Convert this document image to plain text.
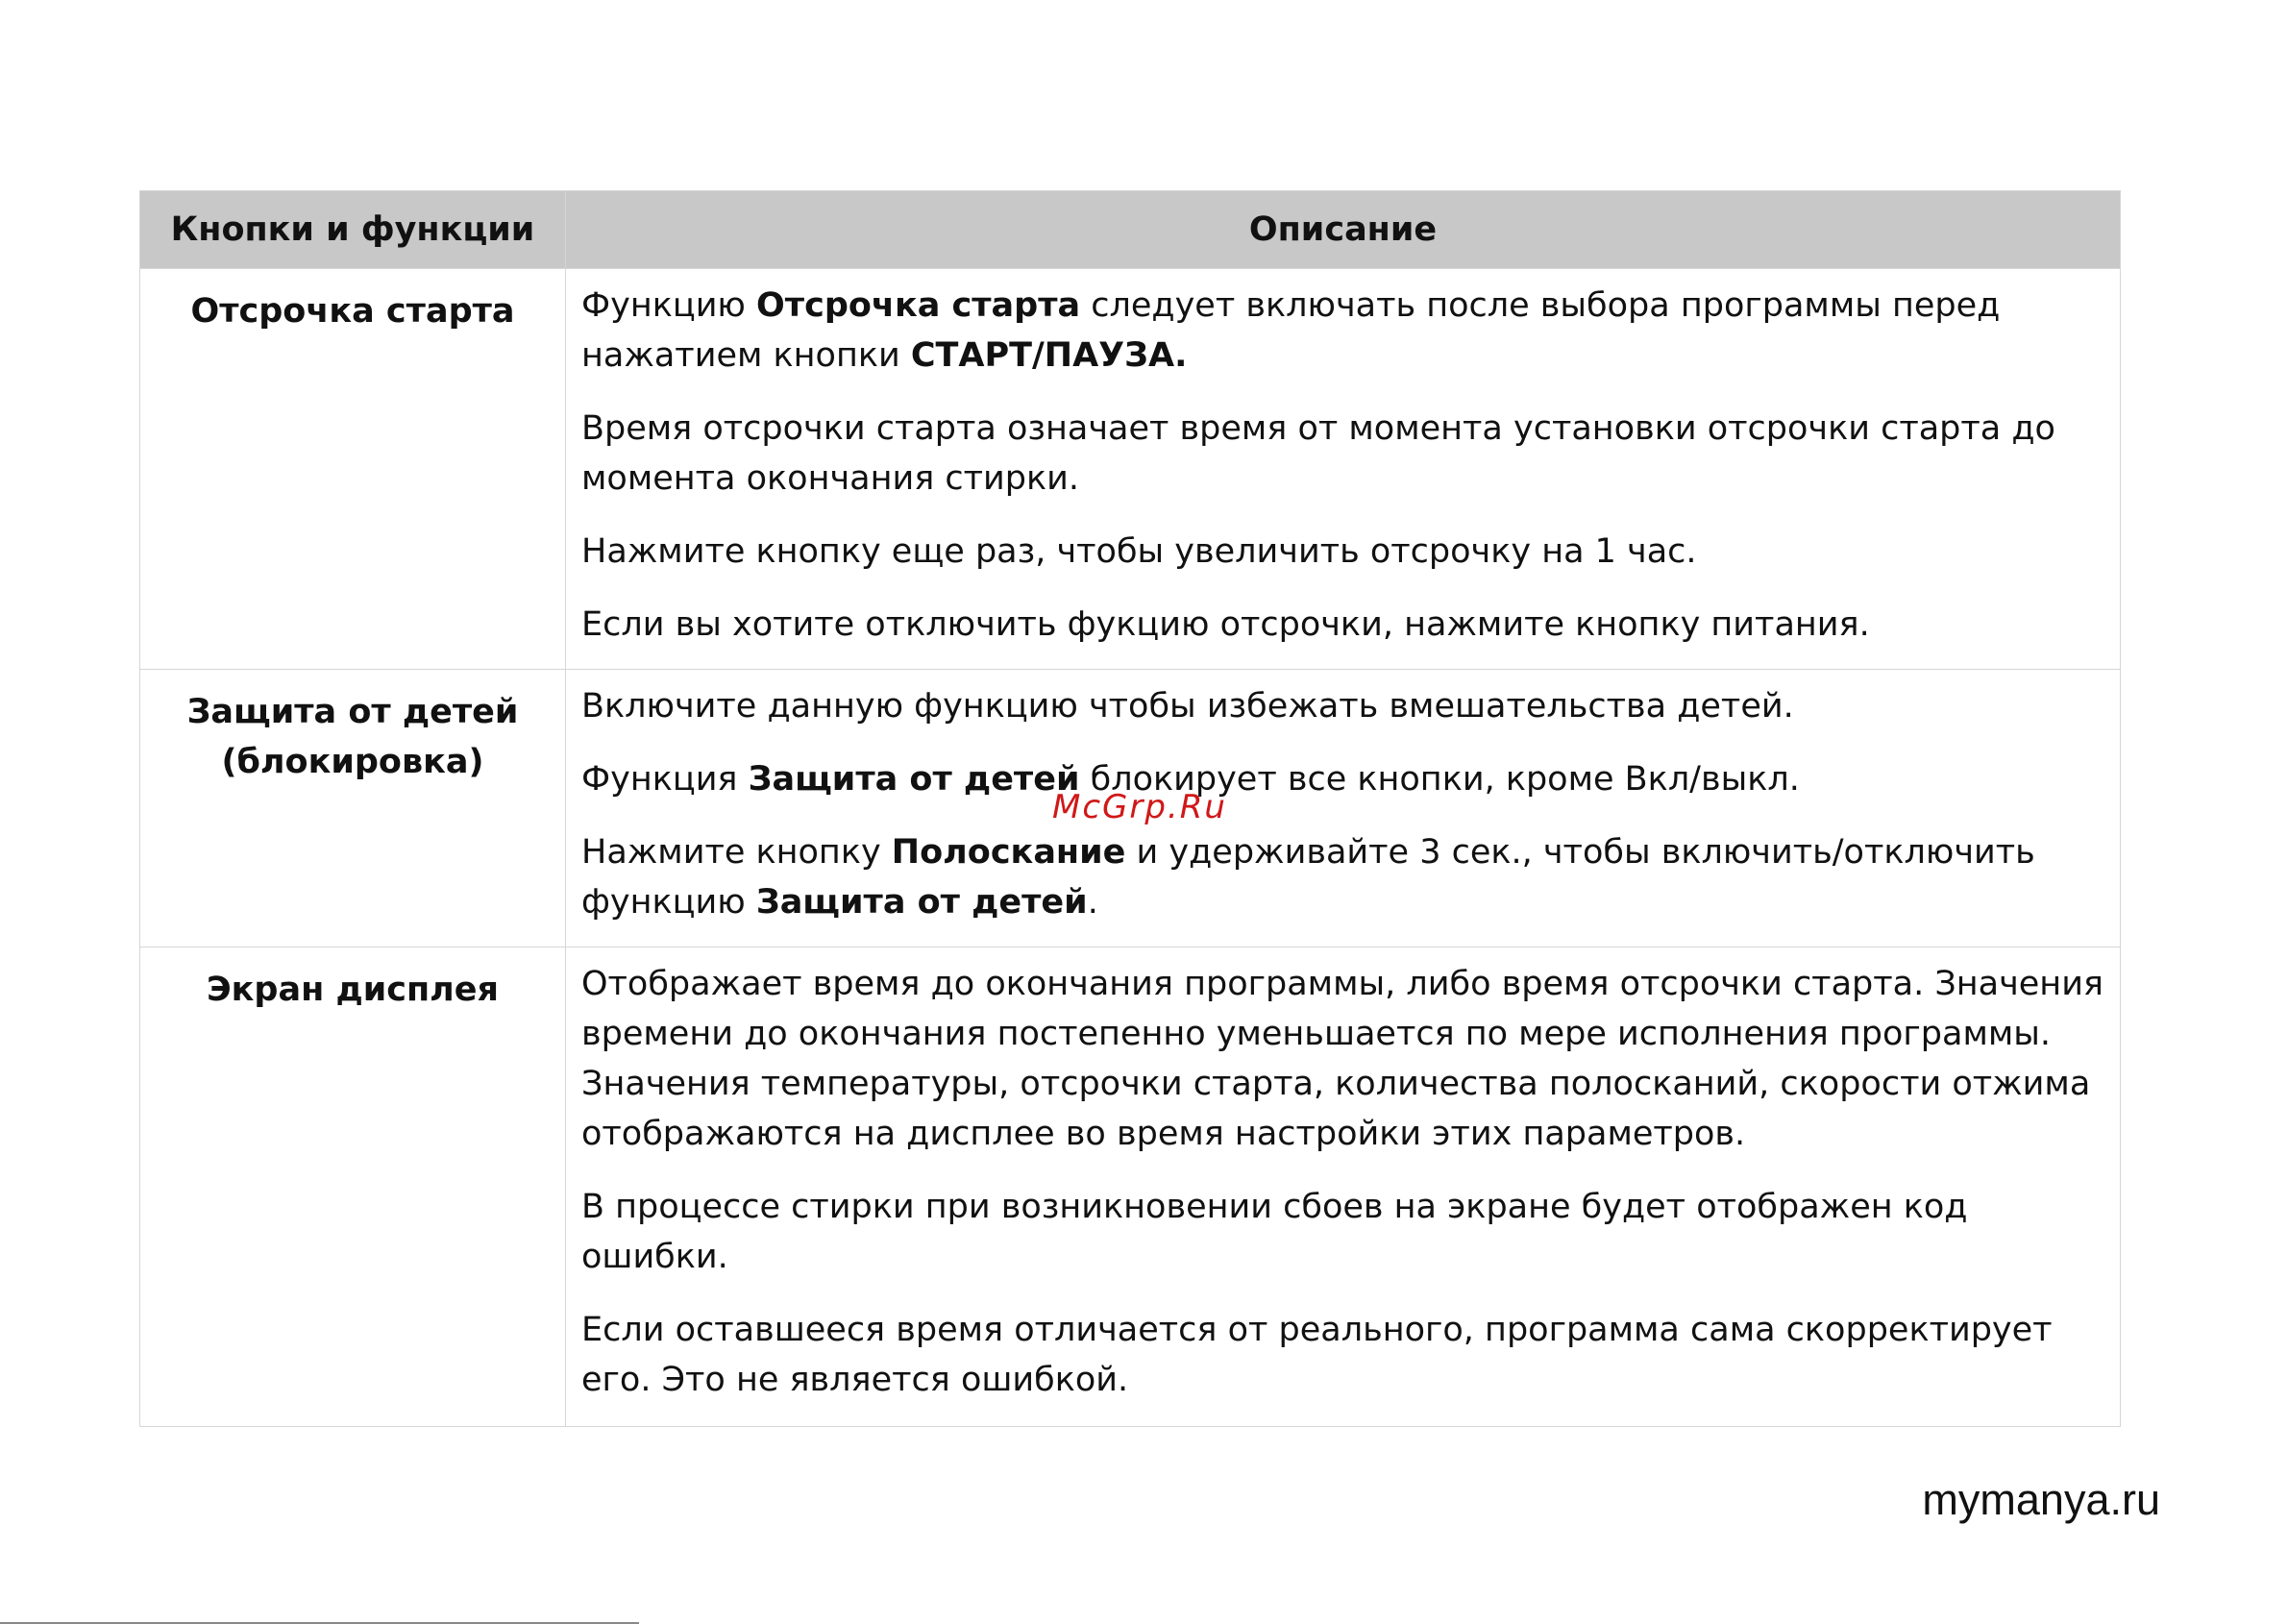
Кнопки и функции	Описание
Отсрочка старта	Функцию Отсрочка старта следует включать после выбора программы перед нажатием кнопки СТАРТ/ПАУЗА.

Время отсрочки старта означает время от момента установки отсрочки старта до момента окончания стирки.

Нажмите кнопку еще раз, чтобы увеличить отсрочку на 1 час.

Если вы хотите отключить фукцию отсрочки, нажмите кнопку питания.

Защита от детей (блокировка)	Включите данную функцию чтобы избежать вмешательства детей.

Функция Защита от детей блокирует все кнопки, кроме Вкл/выкл.

Нажмите кнопку Полоскание и удерживайте 3 сек., чтобы включить/отключить функцию Защита от детей.

Экран дисплея	Отображает время до окончания программы, либо время отсрочки старта. Значения времени до окончания постепенно уменьшается по мере исполнения программы. Значения температуры, отсрочки старта, количества полосканий, скорости отжима отображаются на дисплее во время настройки этих параметров.

В процессе стирки при возникновении сбоев на экране будет отображен код ошибки.

Если оставшееся время отличается от реального, программа сама скорректирует его. Это не является ошибкой.

McGrp.Ru
mymanya.ru
